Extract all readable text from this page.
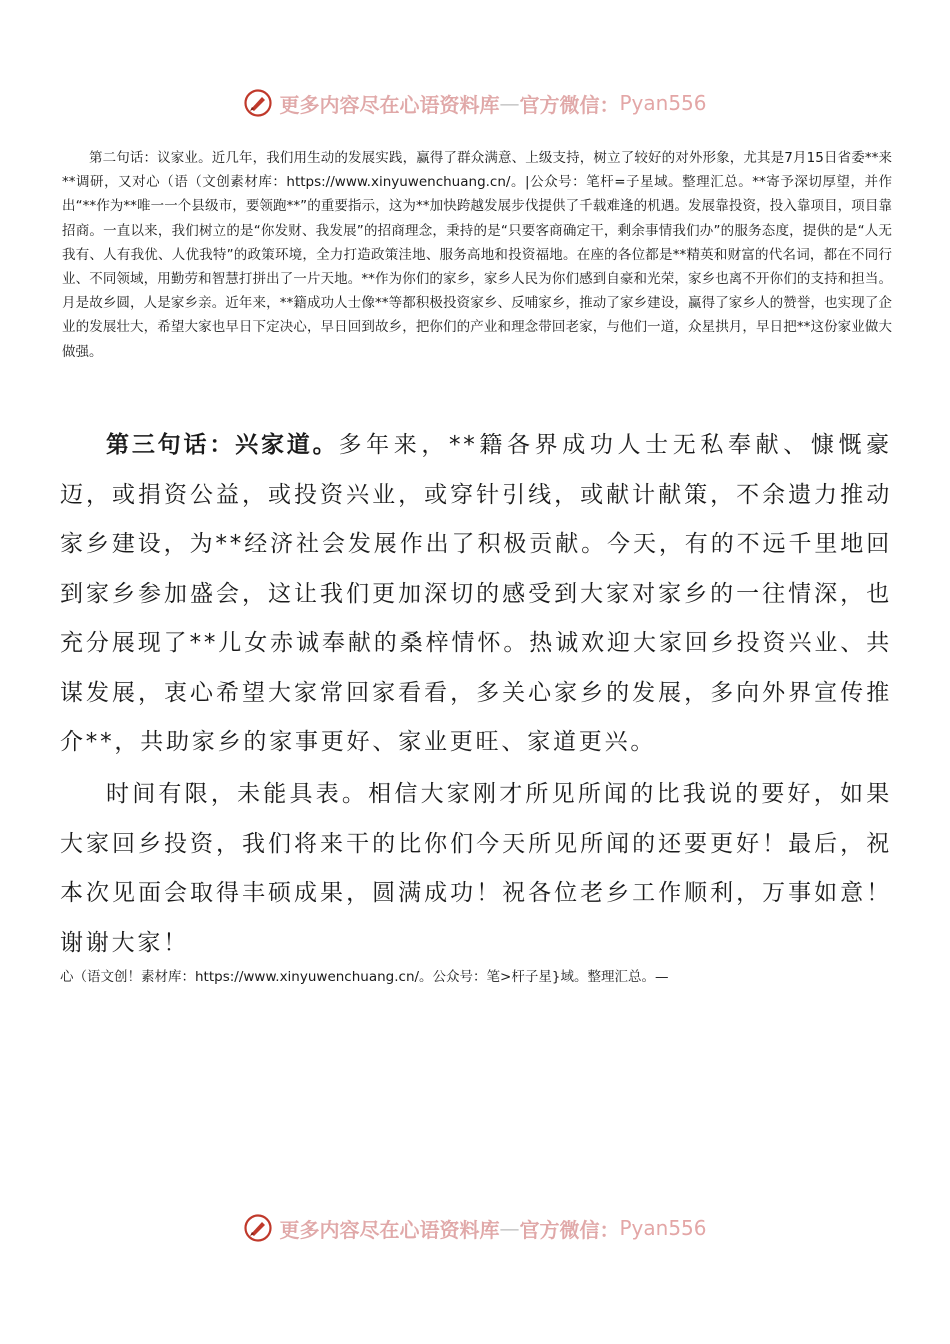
更多内容尽在心语资料库 — 官方微信： Pyan556

第二句话：议家业。近几年，我们用生动的发展实践，赢得了群众满意、上级支持，树立了较好的对外形象，尤其是7月15日省委**来**调研，又对心（语（文创素材库：https://www.xinyuwenchuang.cn/。|公众号：笔杆=子星域。整理汇总。**寄予深切厚望，并作出“**作为**唯一一个县级市，要领跑**”的重要指示，这为**加快跨越发展步伐提供了千载难逢的机遇。发展靠投资，投入靠项目，项目靠招商。一直以来，我们树立的是“你发财、我发展”的招商理念，秉持的是“只要客商确定干，剩余事情我们办”的服务态度，提供的是“人无我有、人有我优、人优我特”的政策环境，全力打造政策洼地、服务高地和投资福地。在座的各位都是**精英和财富的代名词，都在不同行业、不同领域，用勤劳和智慧打拼出了一片天地。**作为你们的家乡，家乡人民为你们感到自豪和光荣，家乡也离不开你们的支持和担当。月是故乡圆，人是家乡亲。近年来，**籍成功人士像**等都积极投资家乡、反哺家乡，推动了家乡建设，赢得了家乡人的赞誉，也实现了企业的发展壮大，希望大家也早日下定决心，早日回到故乡，把你们的产业和理念带回老家，与他们一道，众星拱月，早日把**这份家业做大做强。

第三句话：兴家道。多年来，**籍各界成功人士无私奉献、慷慨豪迈，或捐资公益，或投资兴业，或穿针引线，或献计献策，不余遗力推动家乡建设，为**经济社会发展作出了积极贡献。今天，有的不远千里地回到家乡参加盛会，这让我们更加深切的感受到大家对家乡的一往情深，也充分展现了**儿女赤诚奉献的桑梓情怀。热诚欢迎大家回乡投资兴业、共谋发展，衷心希望大家常回家看看，多关心家乡的发展，多向外界宣传推介**，共助家乡的家事更好、家业更旺、家道更兴。

时间有限，未能具表。相信大家刚才所见所闻的比我说的要好，如果大家回乡投资，我们将来干的比你们今天所见所闻的还要更好！最后，祝本次见面会取得丰硕成果，圆满成功！祝各位老乡工作顺利，万事如意！谢谢大家！

心（语文创！素材库：https://www.xinyuwenchuang.cn/。公众号：笔>杆子星}域。整理汇总。—

更多内容尽在心语资料库 — 官方微信： Pyan556
